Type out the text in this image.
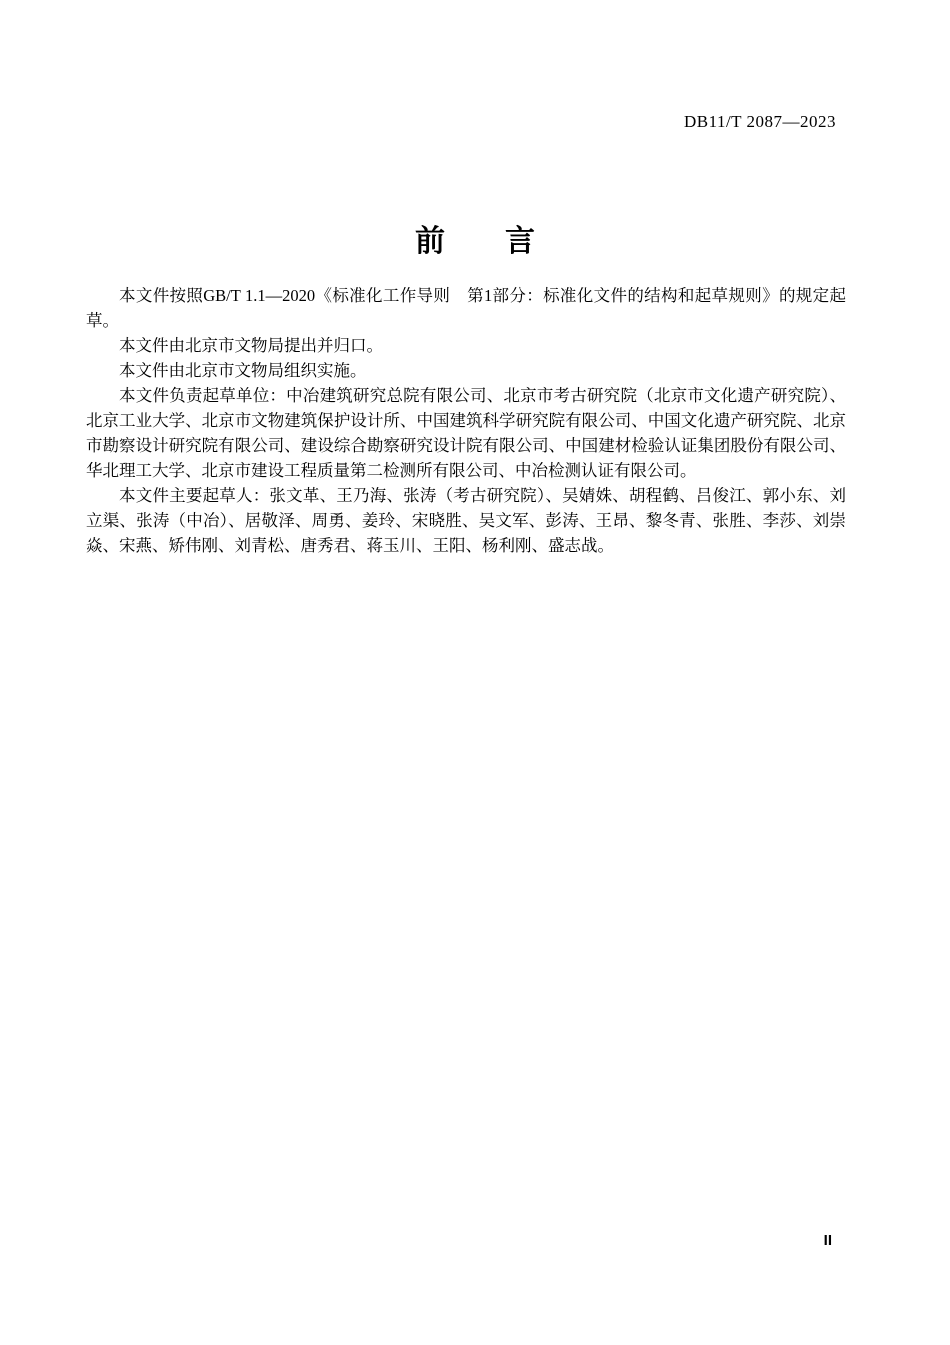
DB11/T 2087—2023
前　　言

本文件按照GB/T 1.1—2020《标准化工作导则　第1部分：标准化文件的结构和起草规则》的规定起草。

本文件由北京市文物局提出并归口。

本文件由北京市文物局组织实施。

本文件负责起草单位：中冶建筑研究总院有限公司、北京市考古研究院（北京市文化遗产研究院）、北京工业大学、北京市文物建筑保护设计所、中国建筑科学研究院有限公司、中国文化遗产研究院、北京市勘察设计研究院有限公司、建设综合勘察研究设计院有限公司、中国建材检验认证集团股份有限公司、华北理工大学、北京市建设工程质量第二检测所有限公司、中冶检测认证有限公司。

本文件主要起草人：张文革、王乃海、张涛（考古研究院）、吴婧姝、胡程鹤、吕俊江、郭小东、刘立渠、张涛（中冶）、居敬泽、周勇、姜玲、宋晓胜、吴文军、彭涛、王昂、黎冬青、张胜、李莎、刘崇焱、宋燕、矫伟刚、刘青松、唐秀君、蒋玉川、王阳、杨利刚、盛志战。

II
